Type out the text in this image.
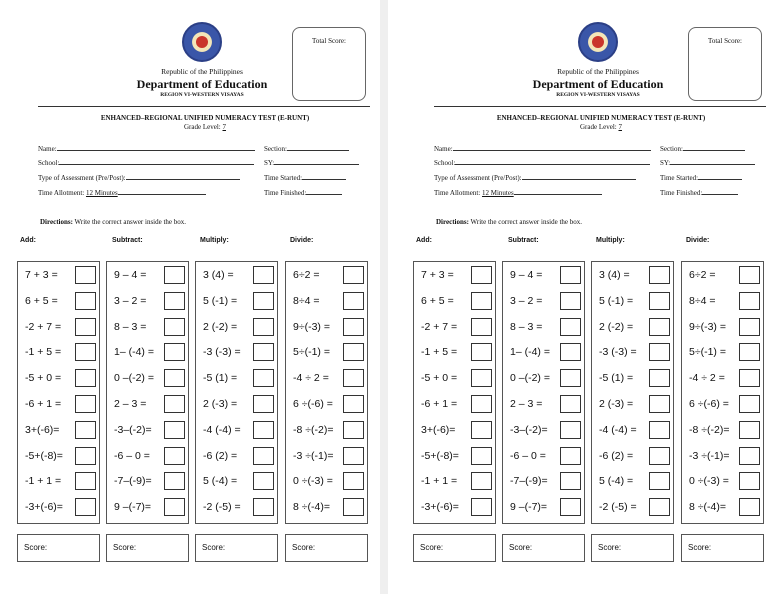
Total Score:
Republic of the Philippines
Department of Education
REGION VI-WESTERN VISAYAS
ENHANCED–REGIONAL UNIFIED NUMERACY TEST (E-RUNT)
Grade Level: 7
Name:	Section:
School:	SY:
Type of Assessment (Pre/Post):	Time Started:
Time Allotment: 12 Minutes	Time Finished:
Directions: Write the correct answer inside the box.
Add:	Subtract:	Multiply:	Divide:
7 + 3 =
6 + 5 =
-2 + 7 =
-1 + 5 =
-5 + 0 =
-6 + 1 =
3+(-6)=
-5+(-8)=
-1 + 1 =
-3+(-6)=
9 – 4 =
3 – 2 =
8 – 3 =
1– (-4) =
0 –(-2) =
2 – 3 =
-3–(-2)=
-6 – 0 =
-7–(-9)=
9 –(-7)=
3 (4) =
5 (-1) =
2 (-2) =
-3 (-3) =
-5 (1) =
2 (-3) =
-4 (-4) =
-6 (2) =
5 (-4) =
-2 (-5) =
6÷2 =
8÷4 =
9÷(-3) =
5÷(-1) =
-4 ÷ 2 =
6 ÷(-6) =
-8 ÷(-2)=
-3 ÷(-1)=
0 ÷(-3) =
8 ÷(-4)=
Score:	Score:	Score:	Score:
Total Score:
Republic of the Philippines
Department of Education
REGION VI-WESTERN VISAYAS
ENHANCED–REGIONAL UNIFIED NUMERACY TEST (E-RUNT)
Grade Level: 7
Name:	Section:
School:	SY:
Type of Assessment (Pre/Post):	Time Started:
Time Allotment: 12 Minutes	Time Finished:
Directions: Write the correct answer inside the box.
Add:	Subtract:	Multiply:	Divide:
7 + 3 =
6 + 5 =
-2 + 7 =
-1 + 5 =
-5 + 0 =
-6 + 1 =
3+(-6)=
-5+(-8)=
-1 + 1 =
-3+(-6)=
9 – 4 =
3 – 2 =
8 – 3 =
1– (-4) =
0 –(-2) =
2 – 3 =
-3–(-2)=
-6 – 0 =
-7–(-9)=
9 –(-7)=
3 (4) =
5 (-1) =
2 (-2) =
-3 (-3) =
-5 (1) =
2 (-3) =
-4 (-4) =
-6 (2) =
5 (-4) =
-2 (-5) =
6÷2 =
8÷4 =
9÷(-3) =
5÷(-1) =
-4 ÷ 2 =
6 ÷(-6) =
-8 ÷(-2)=
-3 ÷(-1)=
0 ÷(-3) =
8 ÷(-4)=
Score:	Score:	Score:	Score:
